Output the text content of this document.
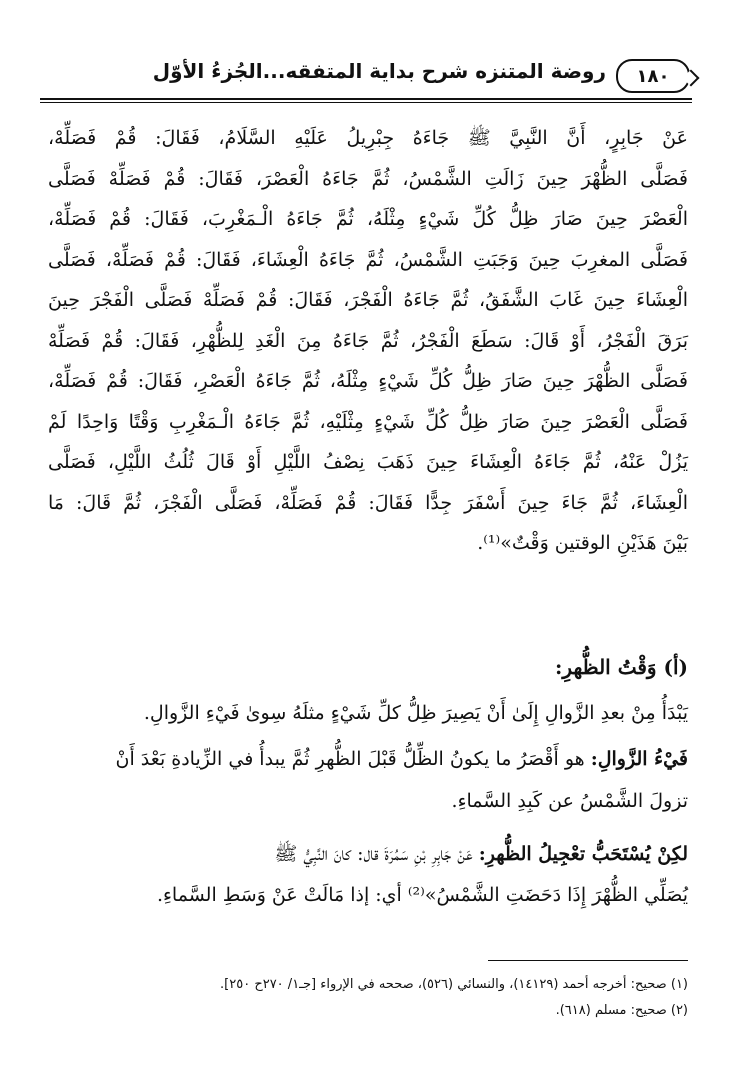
١٨٠
روضة المتنزه شرح بداية المتفقه...الجُزءُ الأوّل
عَنْ جَابِرٍ، أَنَّ النَّبِيَّ ﷺ جَاءَهُ جِبْرِيلُ عَلَيْهِ السَّلَامُ، فَقَالَ: قُمْ فَصَلِّهْ،
فَصَلَّى الظُّهْرَ حِينَ زَالَتِ الشَّمْسُ، ثُمَّ جَاءَهُ الْعَصْرَ، فَقَالَ: قُمْ فَصَلِّهْ فَصَلَّى
الْعَصْرَ حِينَ صَارَ ظِلُّ كُلِّ شَيْءٍ مِثْلَهُ، ثُمَّ جَاءَهُ الْـمَغْرِبَ، فَقَالَ: قُمْ فَصَلِّهْ،
فَصَلَّى المغرِبَ حِينَ وَجَبَتِ الشَّمْسُ، ثُمَّ جَاءَهُ الْعِشَاءَ، فَقَالَ: قُمْ فَصَلِّهْ، فَصَلَّى
الْعِشَاءَ حِينَ غَابَ الشَّفَقُ، ثُمَّ جَاءَهُ الْفَجْرَ، فَقَالَ: قُمْ فَصَلِّهْ فَصَلَّى الْفَجْرَ حِينَ
بَرَقَ الْفَجْرُ، أَوْ قَالَ: سَطَعَ الْفَجْرُ، ثُمَّ جَاءَهُ مِنَ الْغَدِ لِلظُّهْرِ، فَقَالَ: قُمْ فَصَلِّهْ
فَصَلَّى الظُّهْرَ حِينَ صَارَ ظِلُّ كُلِّ شَيْءٍ مِثْلَهُ، ثُمَّ جَاءَهُ الْعَصْرِ، فَقَالَ: قُمْ فَصَلِّهْ،
فَصَلَّى الْعَصْرَ حِينَ صَارَ ظِلُّ كُلِّ شَيْءٍ مِثْلَيْهِ، ثُمَّ جَاءَهُ الْـمَغْرِبِ وَقْتًا وَاحِدًا لَمْ
يَزُلْ عَنْهُ، ثُمَّ جَاءَهُ الْعِشَاءَ حِينَ ذَهَبَ نِصْفُ اللَّيْلِ أَوْ قَالَ ثُلُثُ اللَّيْلِ، فَصَلَّى
الْعِشَاءَ، ثُمَّ جَاءَ حِينَ أَسْفَرَ جِدًّا فَقَالَ: قُمْ فَصَلِّهْ، فَصَلَّى الْفَجْرَ، ثُمَّ قَالَ: مَا
بَيْنَ هَذَيْنِ الوقتين وَقْتٌ»⁽¹⁾.
(أ) وَقْتُ الظُّهرِ:
يَبْدَأُ مِنْ بعدِ الزَّوالِ إِلَىٰ أَنْ يَصِيرَ ظِلُّ كلِّ شَيْءٍ مثلَهُ سِوىٰ فَيْءِ الزَّوالِ.
فَيْءُ الزَّوالِ: هو أَقْصَرُ ما يكونُ الظِّلُّ قَبْلَ الظُّهرِ ثُمَّ يبدأُ في الزِّيادةِ بَعْدَ أَنْ
تزولَ الشَّمْسُ عن كَبِدِ السَّماءِ.
لكِنْ يُسْتَحَبُّ تعْجِيلُ الظُّهرِ: عَنْ جَابِرِ بْنِ سَمُرَةَ قال: كانَ النَّبِيُّ ﷺ
يُصَلِّي الظُّهْرَ إِذَا دَحَضَتِ الشَّمْسُ»⁽²⁾ أي: إذا مَالَتْ عَنْ وَسَطِ السَّماءِ.
(١) صحيح: أخرجه أحمد (١٤١٢٩)، والنسائي (٥٢٦)، صححه في الإرواء [جـ١/ ٢٧٠ح ٢٥٠].
(٢) صحيح: مسلم (٦١٨).
